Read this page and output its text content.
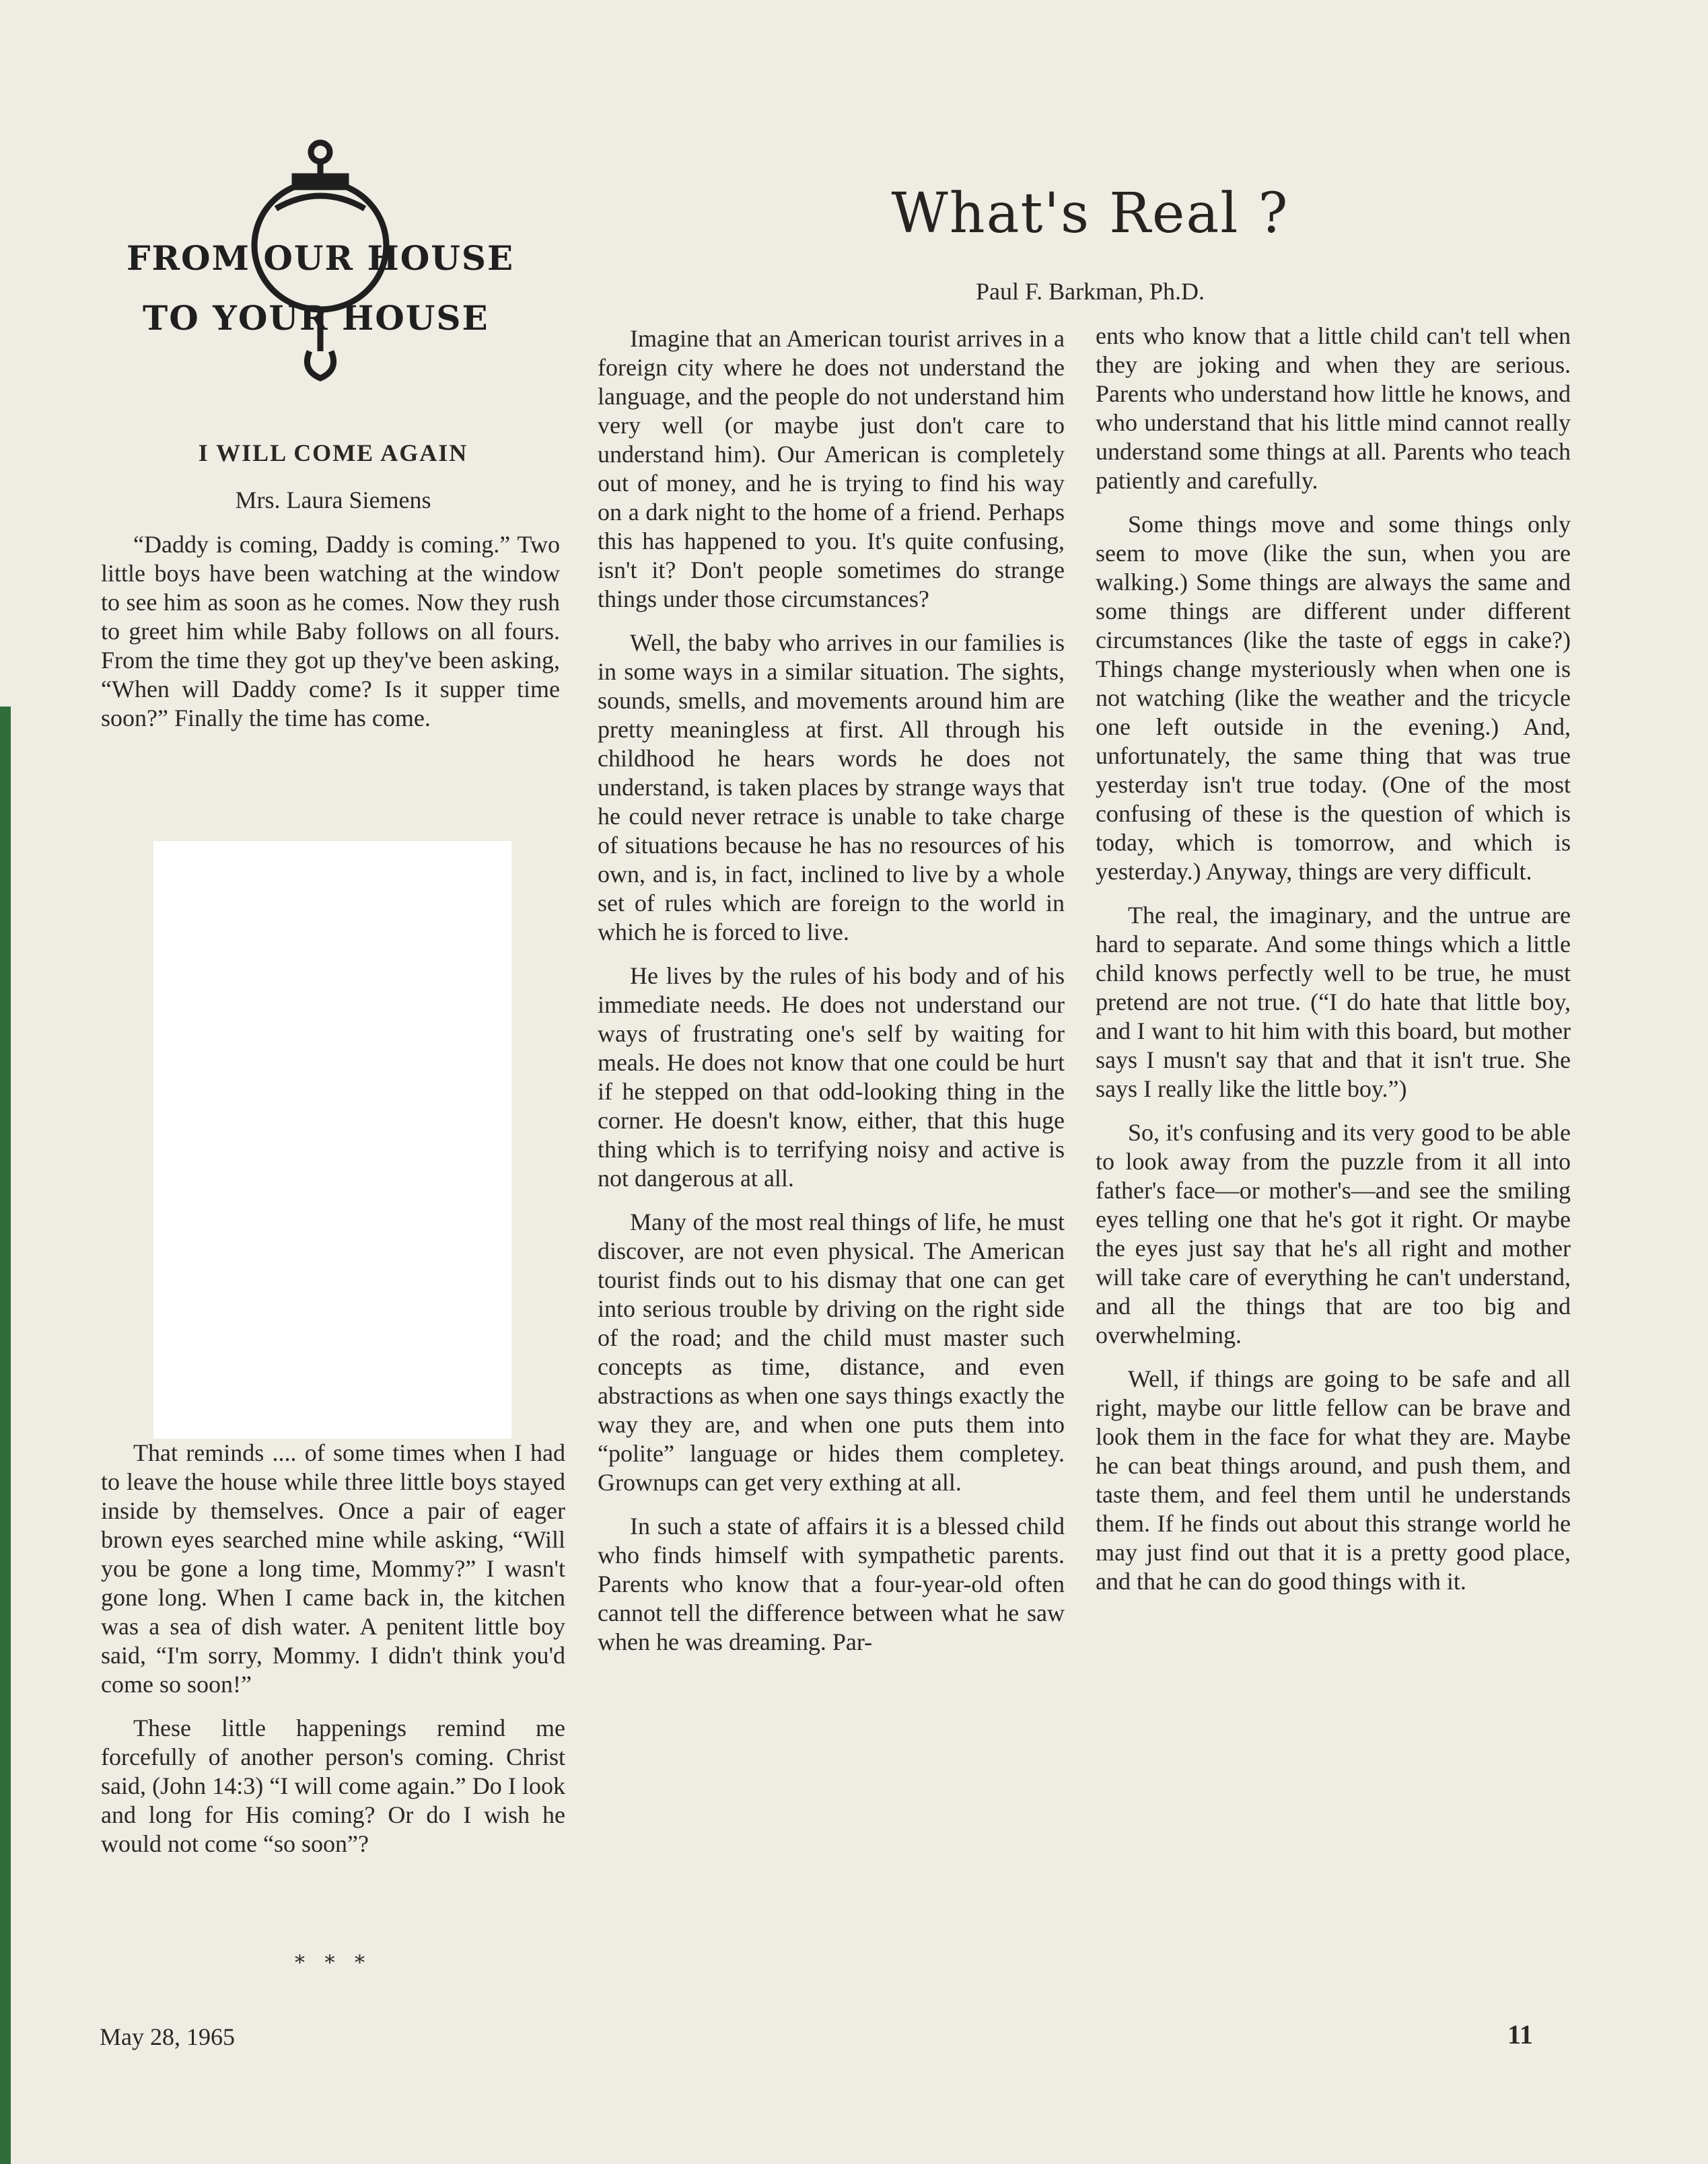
FROM OUR HOUSE
TO YOUR HOUSE
I WILL COME AGAIN
Mrs. Laura Siemens

“Daddy is coming, Daddy is coming.” Two little boys have been watching at the window to see him as soon as he comes. Now they rush to greet him while Baby follows on all fours. From the time they got up they've been asking, “When will Daddy come? Is it supper time soon?” Finally the time has come.

That reminds .... of some times when I had to leave the house while three little boys stayed inside by themselves. Once a pair of eager brown eyes searched mine while asking, “Will you be gone a long time, Mommy?” I wasn't gone long. When I came back in, the kitchen was a sea of dish water. A penitent little boy said, “I'm sorry, Mommy. I didn't think you'd come so soon!”

These little happenings remind me forcefully of another person's coming. Christ said, (John 14:3) “I will come again.” Do I look and long for His coming? Or do I wish he would not come “so soon”?

* * *
What's Real ?
Paul F. Barkman, Ph.D.

Imagine that an American tourist arrives in a foreign city where he does not understand the language, and the people do not understand him very well (or maybe just don't care to understand him). Our American is completely out of money, and he is trying to find his way on a dark night to the home of a friend. Perhaps this has happened to you. It's quite confusing, isn't it? Don't people sometimes do strange things under those circumstances?

Well, the baby who arrives in our families is in some ways in a similar situation. The sights, sounds, smells, and movements around him are pretty meaningless at first. All through his childhood he hears words he does not understand, is taken places by strange ways that he could never retrace is unable to take charge of situations because he has no resources of his own, and is, in fact, inclined to live by a whole set of rules which are foreign to the world in which he is forced to live.

He lives by the rules of his body and of his immediate needs. He does not understand our ways of frustrating one's self by waiting for meals. He does not know that one could be hurt if he stepped on that odd-looking thing in the corner. He doesn't know, either, that this huge thing which is to terrifying noisy and active is not dangerous at all.

Many of the most real things of life, he must discover, are not even physical. The American tourist finds out to his dismay that one can get into serious trouble by driving on the right side of the road; and the child must master such concepts as time, distance, and even abstractions as when one says things exactly the way they are, and when one puts them into “polite” language or hides them completey. Grownups can get very exthing at all.

In such a state of affairs it is a blessed child who finds himself with sympathetic parents. Parents who know that a four-year-old often cannot tell the difference between what he saw when he was dreaming. Par-

ents who know that a little child can't tell when they are joking and when they are serious. Parents who understand how little he knows, and who understand that his little mind cannot really understand some things at all. Parents who teach patiently and carefully.

Some things move and some things only seem to move (like the sun, when you are walking.) Some things are always the same and some things are different under different circumstances (like the taste of eggs in cake?) Things change mysteriously when when one is not watching (like the weather and the tricycle one left outside in the evening.) And, unfortunately, the same thing that was true yesterday isn't true today. (One of the most confusing of these is the question of which is today, which is tomorrow, and which is yesterday.) Anyway, things are very difficult.

The real, the imaginary, and the untrue are hard to separate. And some things which a little child knows perfectly well to be true, he must pretend are not true. (“I do hate that little boy, and I want to hit him with this board, but mother says I musn't say that and that it isn't true. She says I really like the little boy.”)

So, it's confusing and its very good to be able to look away from the puzzle from it all into father's face—or mother's—and see the smiling eyes telling one that he's got it right. Or maybe the eyes just say that he's all right and mother will take care of everything he can't understand, and all the things that are too big and overwhelming.

Well, if things are going to be safe and all right, maybe our little fellow can be brave and look them in the face for what they are. Maybe he can beat things around, and push them, and taste them, and feel them until he understands them. If he finds out about this strange world he may just find out that it is a pretty good place, and that he can do good things with it.

May 28, 1965	11
